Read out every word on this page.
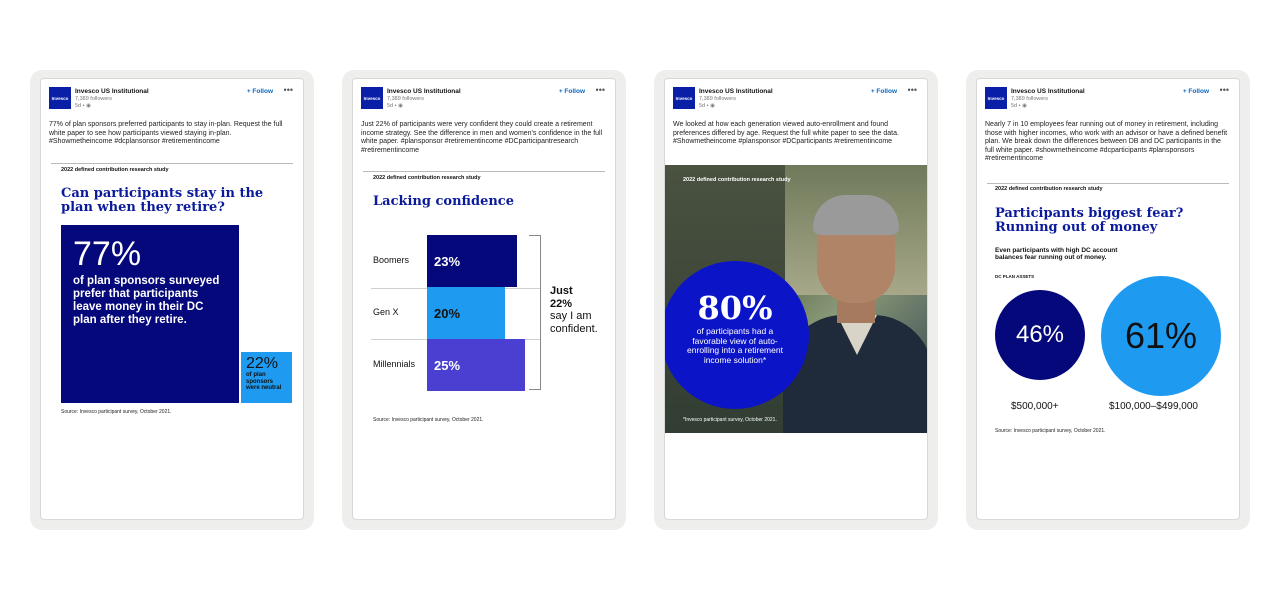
Invesco
Invesco US Institutional
7,389 followers
5d • ◉
+ Follow •••
77% of plan sponsors preferred participants to stay in-plan. Request the full white paper to see how participants viewed staying in-plan. #Showmetheincome #dcplansonsor #retirementincome
2022 defined contribution research study
Can participants stay in the plan when they retire?
77%
of plan sponsors surveyed prefer that participants leave money in their DC plan after they retire.
22%
of plan sponsors were neutral
Source: Invesco participant survey, October 2021.
Invesco
Invesco US Institutional
7,389 followers
5d • ◉
+ Follow •••
Just 22% of participants were very confident they could create a retirement income strategy. See the difference in men and women's confidence in the full white paper. #plansponsor #retirementincome #DCparticipantresearch #retirementincome
2022 defined contribution research study
Lacking confidence
Boomers	23%
Gen X	20%
Millennials	25%
Just 22%
say I am confident.
Source: Invesco participant survey, October 2021.
Invesco
Invesco US Institutional
7,389 followers
5d • ◉
+ Follow •••
We looked at how each generation viewed auto-enrollment and found preferences differed by age. Request the full white paper to see the data. #Showmetheincome #plansponsor #DCparticipants #retirementincome
2022 defined contribution research study
80%
of participants had a favorable view of auto-enrolling into a retirement income solution*
*Invesco participant survey, October 2021.
Invesco
Invesco US Institutional
7,389 followers
5d • ◉
+ Follow •••
Nearly 7 in 10 employees fear running out of money in retirement, including those with higher incomes, who work with an advisor or have a defined benefit plan. We break down the differences between DB and DC participants in the full white paper. #showmetheincome #dcparticipants #plansponsors #retirementincome
2022 defined contribution research study
Participants biggest fear? Running out of money
Even participants with high DC account balances fear running out of money.
DC PLAN ASSETS
46%	61%
$500,000+	$100,000–$499,000
Source: Invesco participant survey, October 2021.
